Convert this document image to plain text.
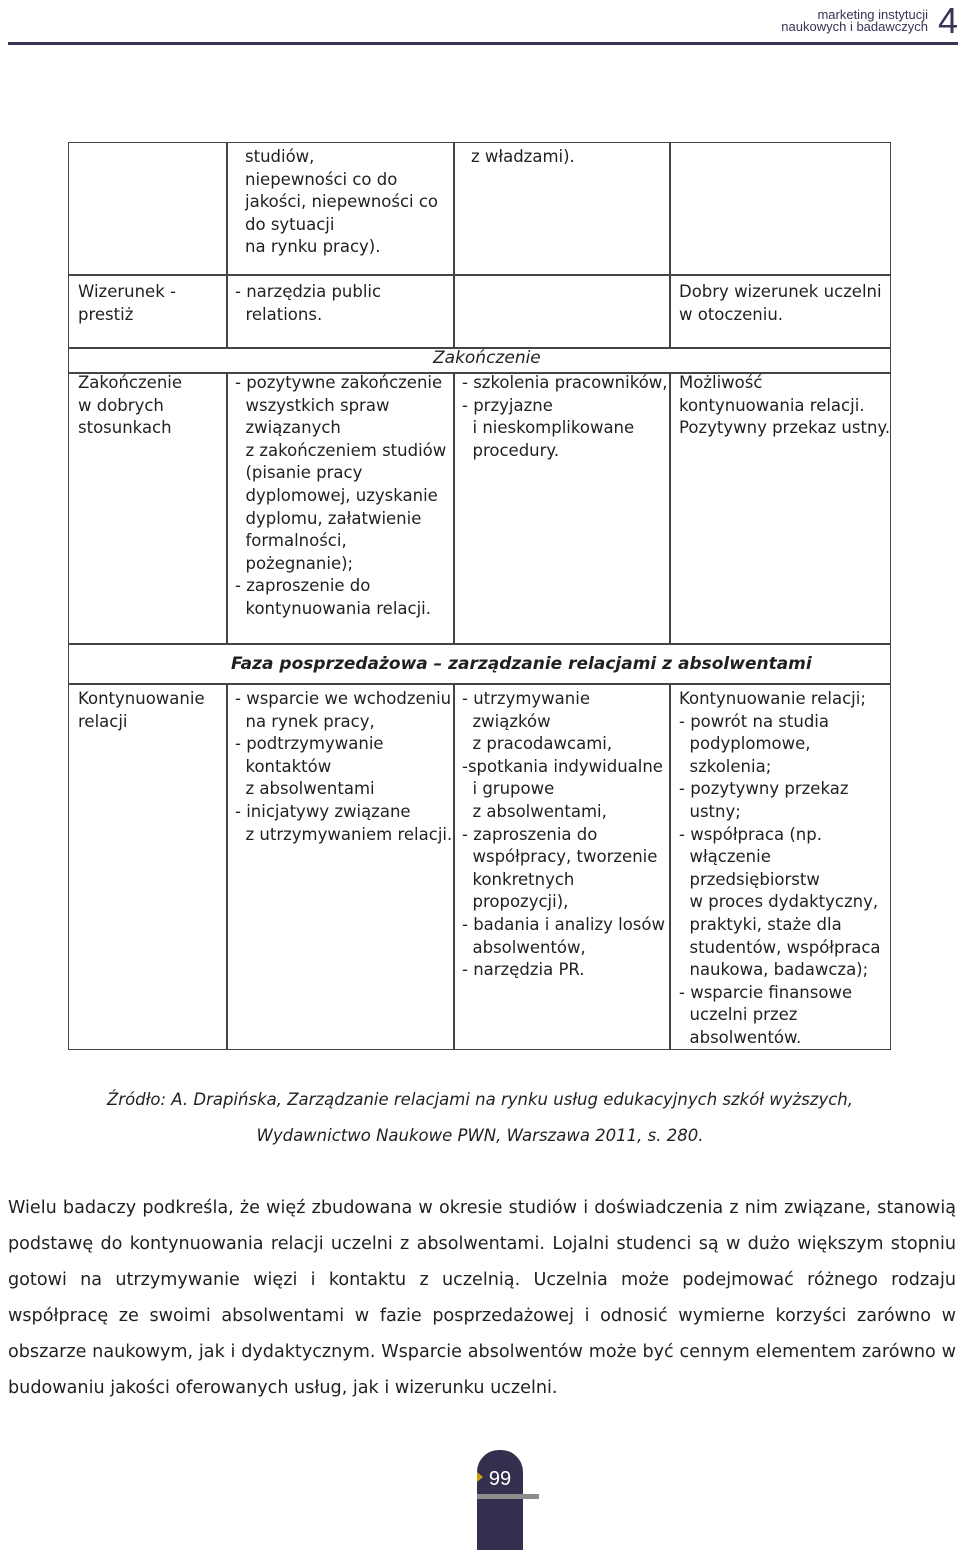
marketing instytucji
naukowych i badawczych 4
studiów,
niepewności co do
jakości, niepewności co
do sytuacji
na rynku pracy).
z władzami).
Wizerunek -
prestiż
- narzędzia public
relations.
Dobry wizerunek uczelni
w otoczeniu.
Zakończenie
Zakończenie
w dobrych
stosunkach
- pozytywne zakończenie
wszystkich spraw
związanych
z zakończeniem studiów
(pisanie pracy
dyplomowej, uzyskanie
dyplomu, załatwienie
formalności,
pożegnanie);
- zaproszenie do
kontynuowania relacji.
- szkolenia pracowników,
- przyjazne
i nieskomplikowane
procedury.
Możliwość
kontynuowania relacji.
Pozytywny przekaz ustny.
Faza posprzedażowa – zarządzanie relacjami z absolwentami
Kontynuowanie
relacji
- wsparcie we wchodzeniu
na rynek pracy,
- podtrzymywanie
kontaktów
z absolwentami
- inicjatywy związane
z utrzymywaniem relacji.
- utrzymywanie
związków
z pracodawcami,
-spotkania indywidualne
i grupowe
z absolwentami,
- zaproszenia do
współpracy, tworzenie
konkretnych
propozycji),
- badania i analizy losów
absolwentów,
- narzędzia PR.
Kontynuowanie relacji;
- powrót na studia
podyplomowe,
szkolenia;
- pozytywny przekaz
ustny;
- współpraca (np.
włączenie
przedsiębiorstw
w proces dydaktyczny,
praktyki, staże dla
studentów, współpraca
naukowa, badawcza);
- wsparcie finansowe
uczelni przez
absolwentów.
Źródło: A. Drapińska, Zarządzanie relacjami na rynku usług edukacyjnych szkół wyższych,
Wydawnictwo Naukowe PWN, Warszawa 2011, s. 280.
Wielu badaczy podkreśla, że więź zbudowana w okresie studiów i doświadczenia z nim związane, stanowią podstawę do kontynuowania relacji uczelni z absolwentami. Lojalni studenci są w dużo większym stopniu gotowi na utrzymywanie więzi i kontaktu z uczelnią. Uczelnia może podejmować różnego rodzaju współpracę ze swoimi absolwentami w fazie posprzedażowej i odnosić wymierne korzyści zarówno w obszarze naukowym, jak i dydaktycznym. Wsparcie absolwentów może być cennym elementem zarówno w budowaniu jakości oferowanych usług, jak i wizerunku uczelni.
99
